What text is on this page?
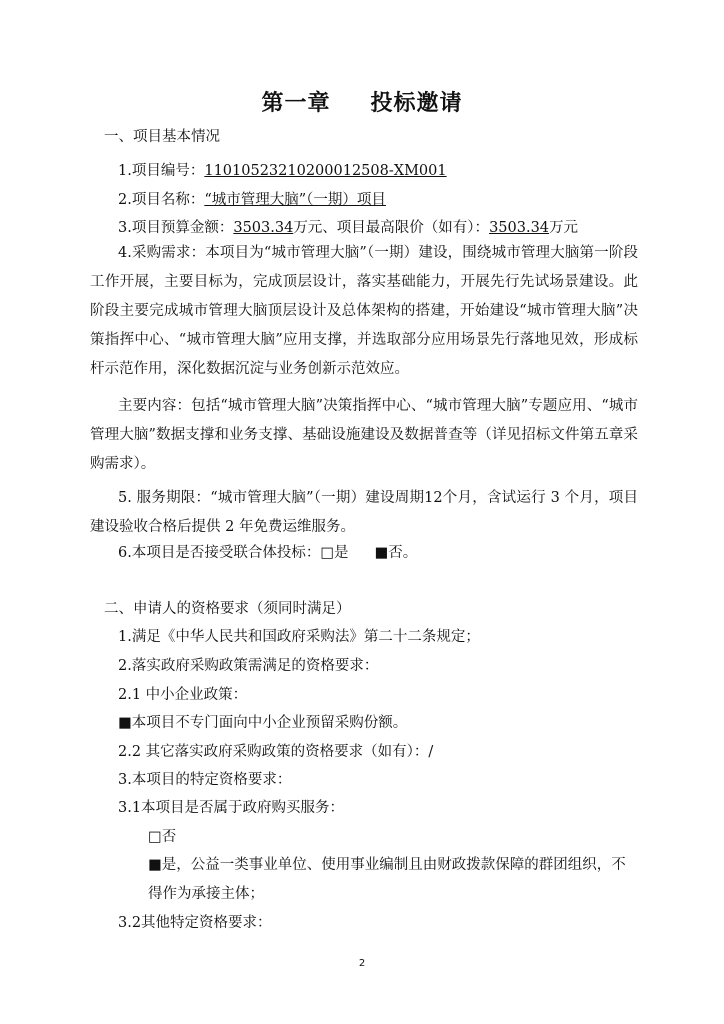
第一章 投标邀请
一、项目基本情况
1.项目编号：11010523210200012508-XM001
2.项目名称：“城市管理大脑”（一期）项目
3.项目预算金额：3503.34万元、项目最高限价（如有）：3503.34万元
4.采购需求：本项目为“城市管理大脑”（一期）建设，围绕城市管理大脑第一阶段工作开展，主要目标为，完成顶层设计，落实基础能力，开展先行先试场景建设。此阶段主要完成城市管理大脑顶层设计及总体架构的搭建，开始建设“城市管理大脑”决策指挥中心、“城市管理大脑”应用支撑，并选取部分应用场景先行落地见效，形成标杆示范作用，深化数据沉淀与业务创新示范效应。
主要内容：包括“城市管理大脑”决策指挥中心、“城市管理大脑”专题应用、“城市管理大脑”数据支撑和业务支撑、基础设施建设及数据普查等（详见招标文件第五章采购需求）。
5. 服务期限：“城市管理大脑”（一期）建设周期12个月，含试运行 3 个月，项目建设验收合格后提供 2 年免费运维服务。
6.本项目是否接受联合体投标：□是 ■否。
二、申请人的资格要求（须同时满足）
1.满足《中华人民共和国政府采购法》第二十二条规定；
2.落实政府采购政策需满足的资格要求：
2.1 中小企业政策：
■本项目不专门面向中小企业预留采购份额。
2.2 其它落实政府采购政策的资格要求（如有）：/
3.本项目的特定资格要求：
3.1本项目是否属于政府购买服务：
□否
■是，公益一类事业单位、使用事业编制且由财政拨款保障的群团组织，不
得作为承接主体；
3.2其他特定资格要求：
2
